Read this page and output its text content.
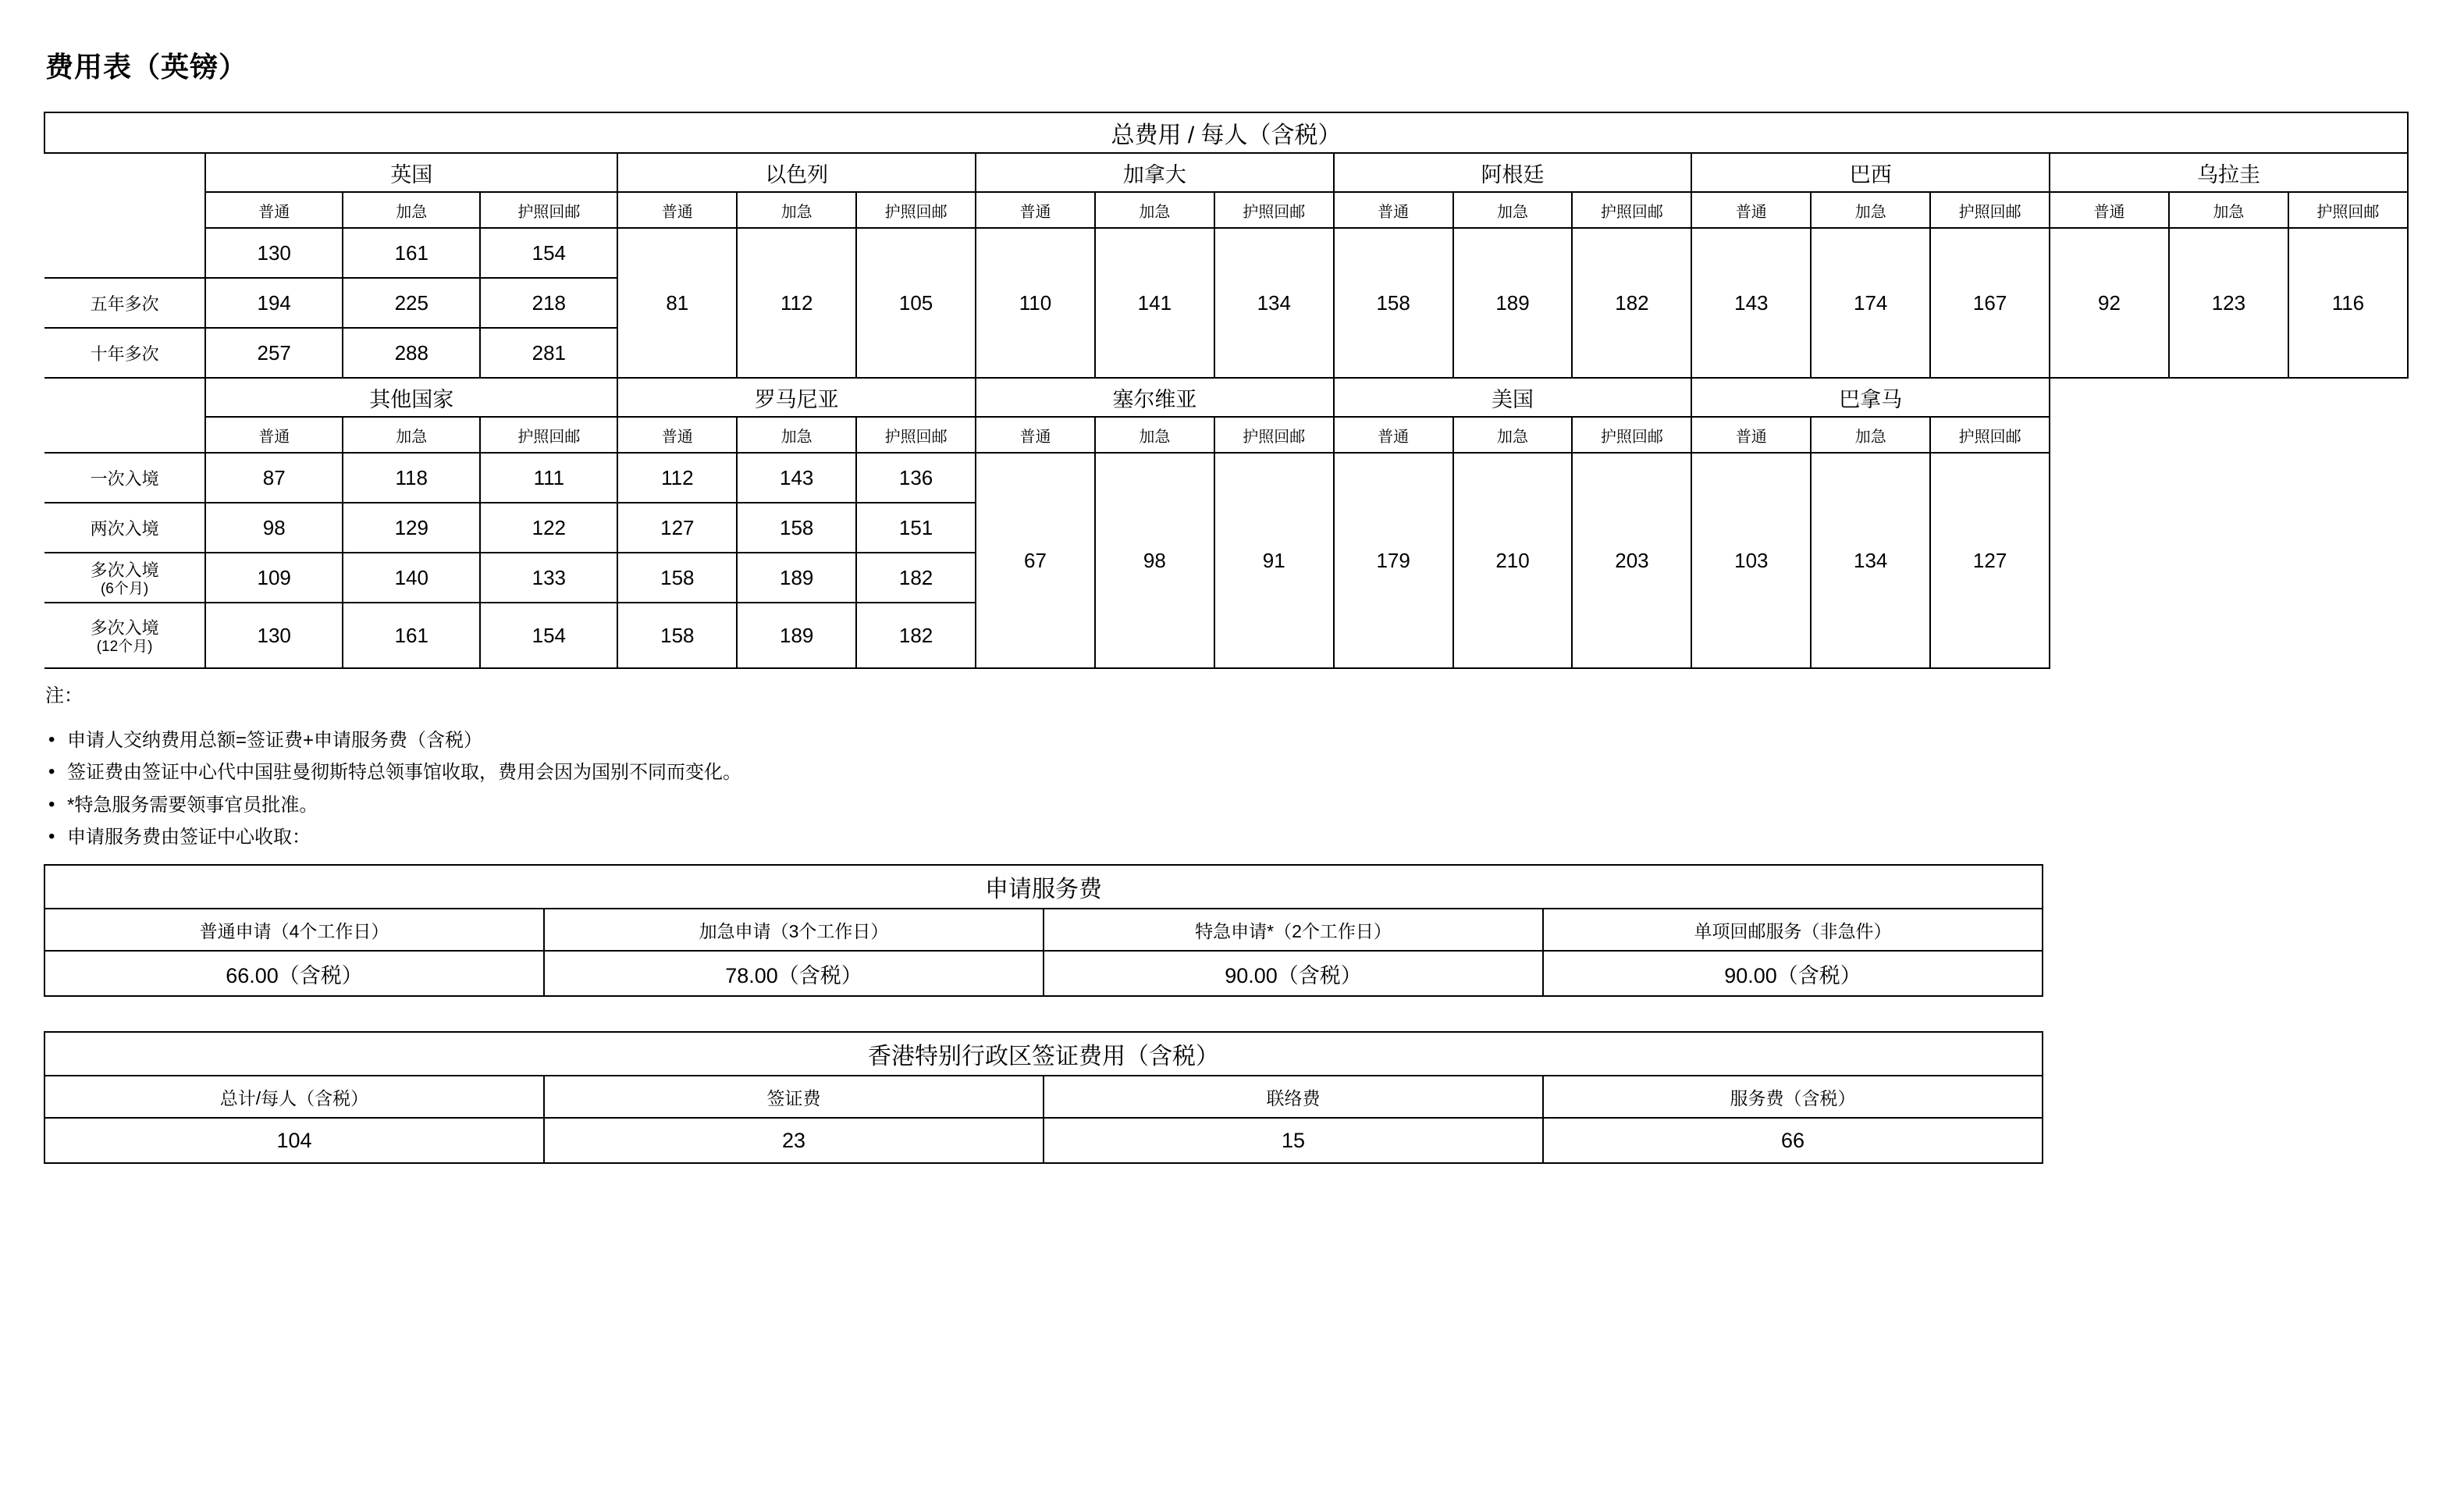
费用表（英镑）
总费用 / 每人（含税）																		
	英国			以色列			加拿大			阿根廷			巴西			乌拉圭		
	普通	加急	护照回邮	普通	加急	护照回邮	普通	加急	护照回邮	普通	加急	护照回邮	普通	加急	护照回邮	普通	加急	护照回邮
	130	161	154	81	112	105	110	141	134	158	189	182	143	174	167	92	123	116
五年多次	194	225	218															
十年多次	257	288	281															
	其他国家			罗马尼亚			塞尔维亚			美国			巴拿马					
	普通	加急	护照回邮	普通	加急	护照回邮	普通	加急	护照回邮	普通	加急	护照回邮	普通	加急	护照回邮			
一次入境	87	118	111	112	143	136	67	98	91	179	210	203	103	134	127			
两次入境	98	129	122	127	158	151												
多次入境
(6个月)	109	140	133	158	189	182												
多次入境
(12个月)	130	161	154	158	189	182												
注：
• 申请人交纳费用总额=签证费+申请服务费（含税）
• 签证费由签证中心代中国驻曼彻斯特总领事馆收取，费用会因为国别不同而变化。
• *特急服务需要领事官员批准。
• 申请服务费由签证中心收取：
申请服务费			
普通申请（4个工作日）	加急申请（3个工作日）	特急申请*（2个工作日）	单项回邮服务（非急件）
66.00（含税）	78.00（含税）	90.00（含税）	90.00（含税）
香港特别行政区签证费用（含税）			
总计/每人（含税）	签证费	联络费	服务费（含税）
104	23	15	66
